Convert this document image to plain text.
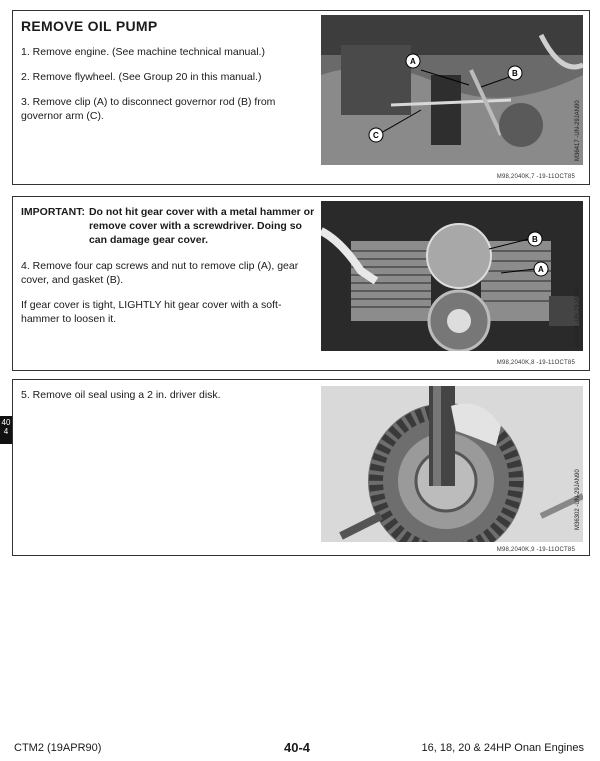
REMOVE OIL PUMP
1. Remove engine. (See machine technical manual.)
2. Remove flywheel. (See Group 20 in this manual.)
3. Remove clip (A) to disconnect governor rod (B) from governor arm (C).
A
B
C	M36417 -UN-29JAN90
M98,2040K,7 -19-11OCT85
IMPORTANT: Do not hit gear cover with a metal hammer or remove cover with a screwdriver. Doing so can damage gear cover.
4. Remove four cap screws and nut to remove clip (A), gear cover, and gasket (B).
If gear cover is tight, LIGHTLY hit gear cover with a soft-hammer to loosen it.
B
A
M36418 -UN-29JAN90
M98,2040K,8 -19-11OCT85
5. Remove oil seal using a 2 in. driver disk.
M36302 -UN-29JAN90
M98,2040K,9 -19-11OCT85
40
4
CTM2 (19APR90)	40-4	16, 18, 20 & 24HP Onan Engines
